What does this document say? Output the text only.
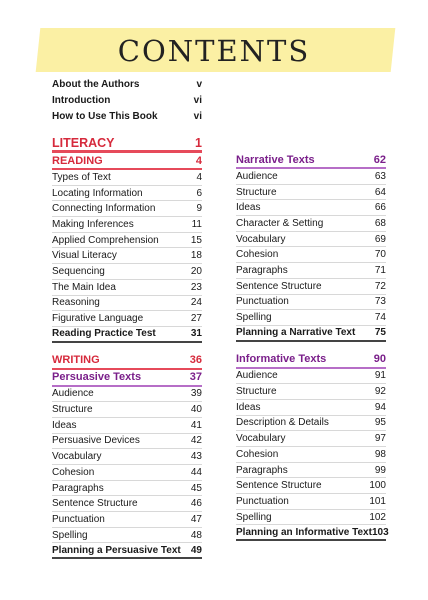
CONTENTS
About the Authors	v
Introduction	vi
How to Use This Book	vi
LITERACY	1
READING	4
Types of Text	4
Locating Information	6
Connecting Information	9
Making Inferences	11
Applied Comprehension	15
Visual Literacy	18
Sequencing	20
The Main Idea	23
Reasoning	24
Figurative Language	27
Reading Practice Test	31
WRITING	36
Persuasive Texts	37
Audience	39
Structure	40
Ideas	41
Persuasive Devices	42
Vocabulary	43
Cohesion	44
Paragraphs	45
Sentence Structure	46
Punctuation	47
Spelling	48
Planning a Persuasive Text 49
Narrative Texts	62
Audience	63
Structure	64
Ideas	66
Character & Setting	68
Vocabulary	69
Cohesion	70
Paragraphs	71
Sentence Structure	72
Punctuation	73
Spelling	74
Planning a Narrative Text 75
Informative Texts	90
Audience	91
Structure	92
Ideas	94
Description & Details	95
Vocabulary	97
Cohesion	98
Paragraphs	99
Sentence Structure	100
Punctuation	101
Spelling	102
Planning an Informative Text 103
